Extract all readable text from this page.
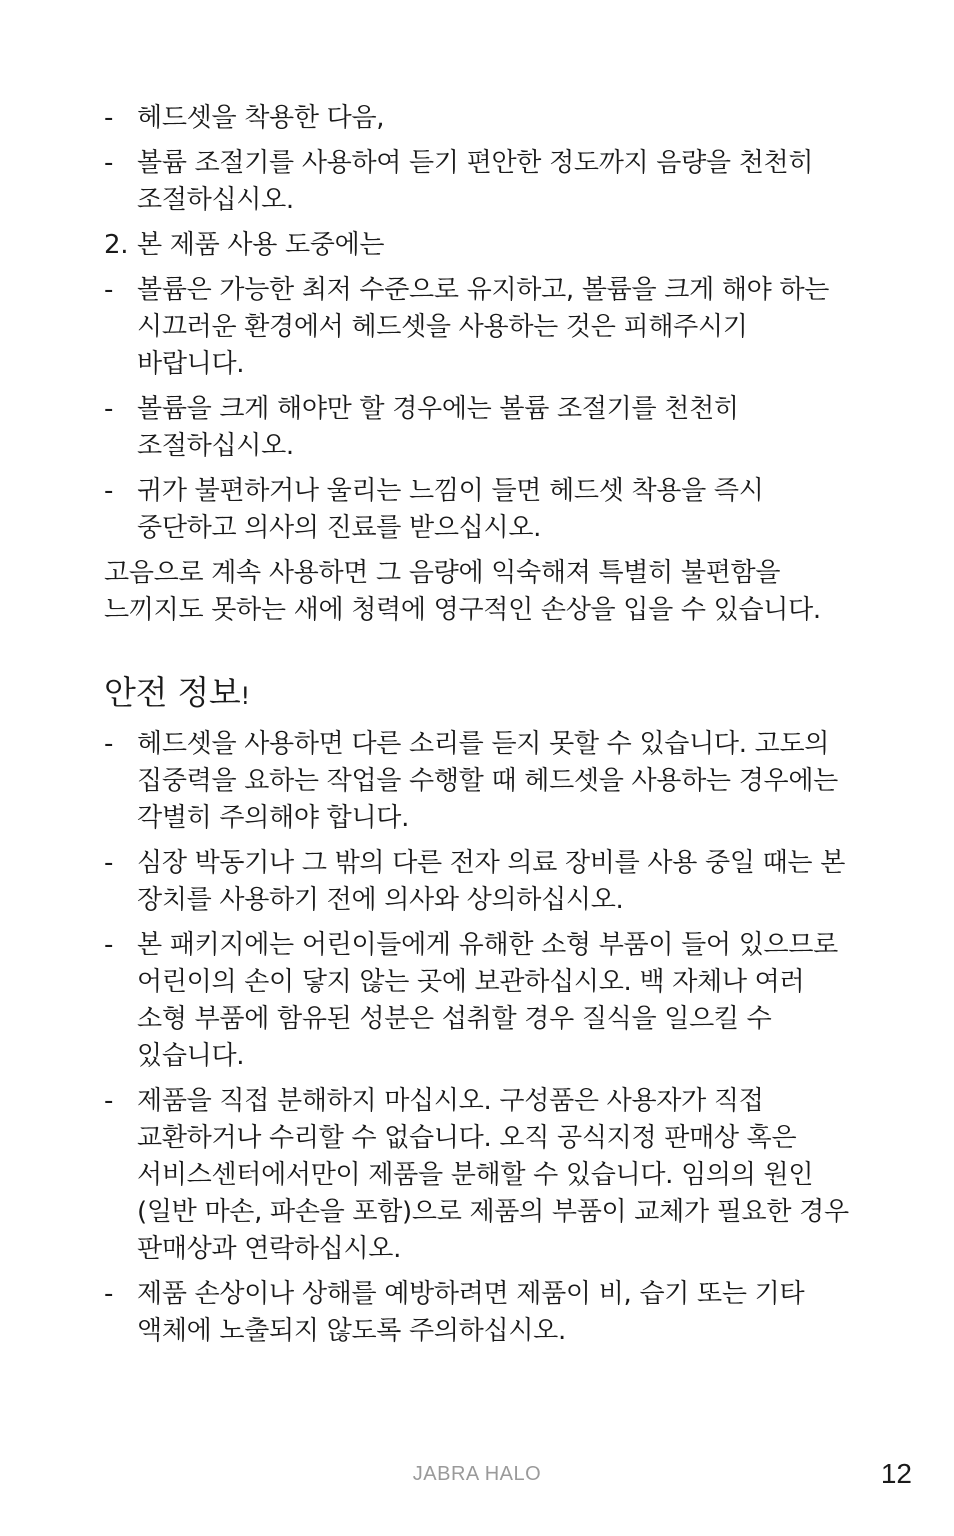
- 헤드셋을 착용한 다음,
- 볼륨 조절기를 사용하여 듣기 편안한 정도까지 음량을 천천히 조절하십시오.
2. 본 제품 사용 도중에는
- 볼륨은 가능한 최저 수준으로 유지하고, 볼륨을 크게 해야 하는 시끄러운 환경에서 헤드셋을 사용하는 것은 피해주시기 바랍니다.
- 볼륨을 크게 해야만 할 경우에는 볼륨 조절기를 천천히 조절하십시오.
- 귀가 불편하거나 울리는 느낌이 들면 헤드셋 착용을 즉시 중단하고 의사의 진료를 받으십시오.
고음으로 계속 사용하면 그 음량에 익숙해져 특별히 불편함을 느끼지도 못하는 새에 청력에 영구적인 손상을 입을 수 있습니다.
안전 정보!
- 헤드셋을 사용하면 다른 소리를 듣지 못할 수 있습니다. 고도의 집중력을 요하는 작업을 수행할 때 헤드셋을 사용하는 경우에는 각별히 주의해야 합니다.
- 심장 박동기나 그 밖의 다른 전자 의료 장비를 사용 중일 때는 본 장치를 사용하기 전에 의사와 상의하십시오.
- 본 패키지에는 어린이들에게 유해한 소형 부품이 들어 있으므로 어린이의 손이 닿지 않는 곳에 보관하십시오. 백 자체나 여러 소형 부품에 함유된 성분은 섭취할 경우 질식을 일으킬 수 있습니다.
- 제품을 직접 분해하지 마십시오. 구성품은 사용자가 직접 교환하거나 수리할 수 없습니다. 오직 공식지정 판매상 혹은 서비스센터에서만이 제품을 분해할 수 있습니다. 임의의 원인 (일반 마손, 파손을 포함)으로 제품의 부품이 교체가 필요한 경우 판매상과 연락하십시오.
- 제품 손상이나 상해를 예방하려면 제품이 비, 습기 또는 기타 액체에 노출되지 않도록 주의하십시오.
JABRA HALO	12
